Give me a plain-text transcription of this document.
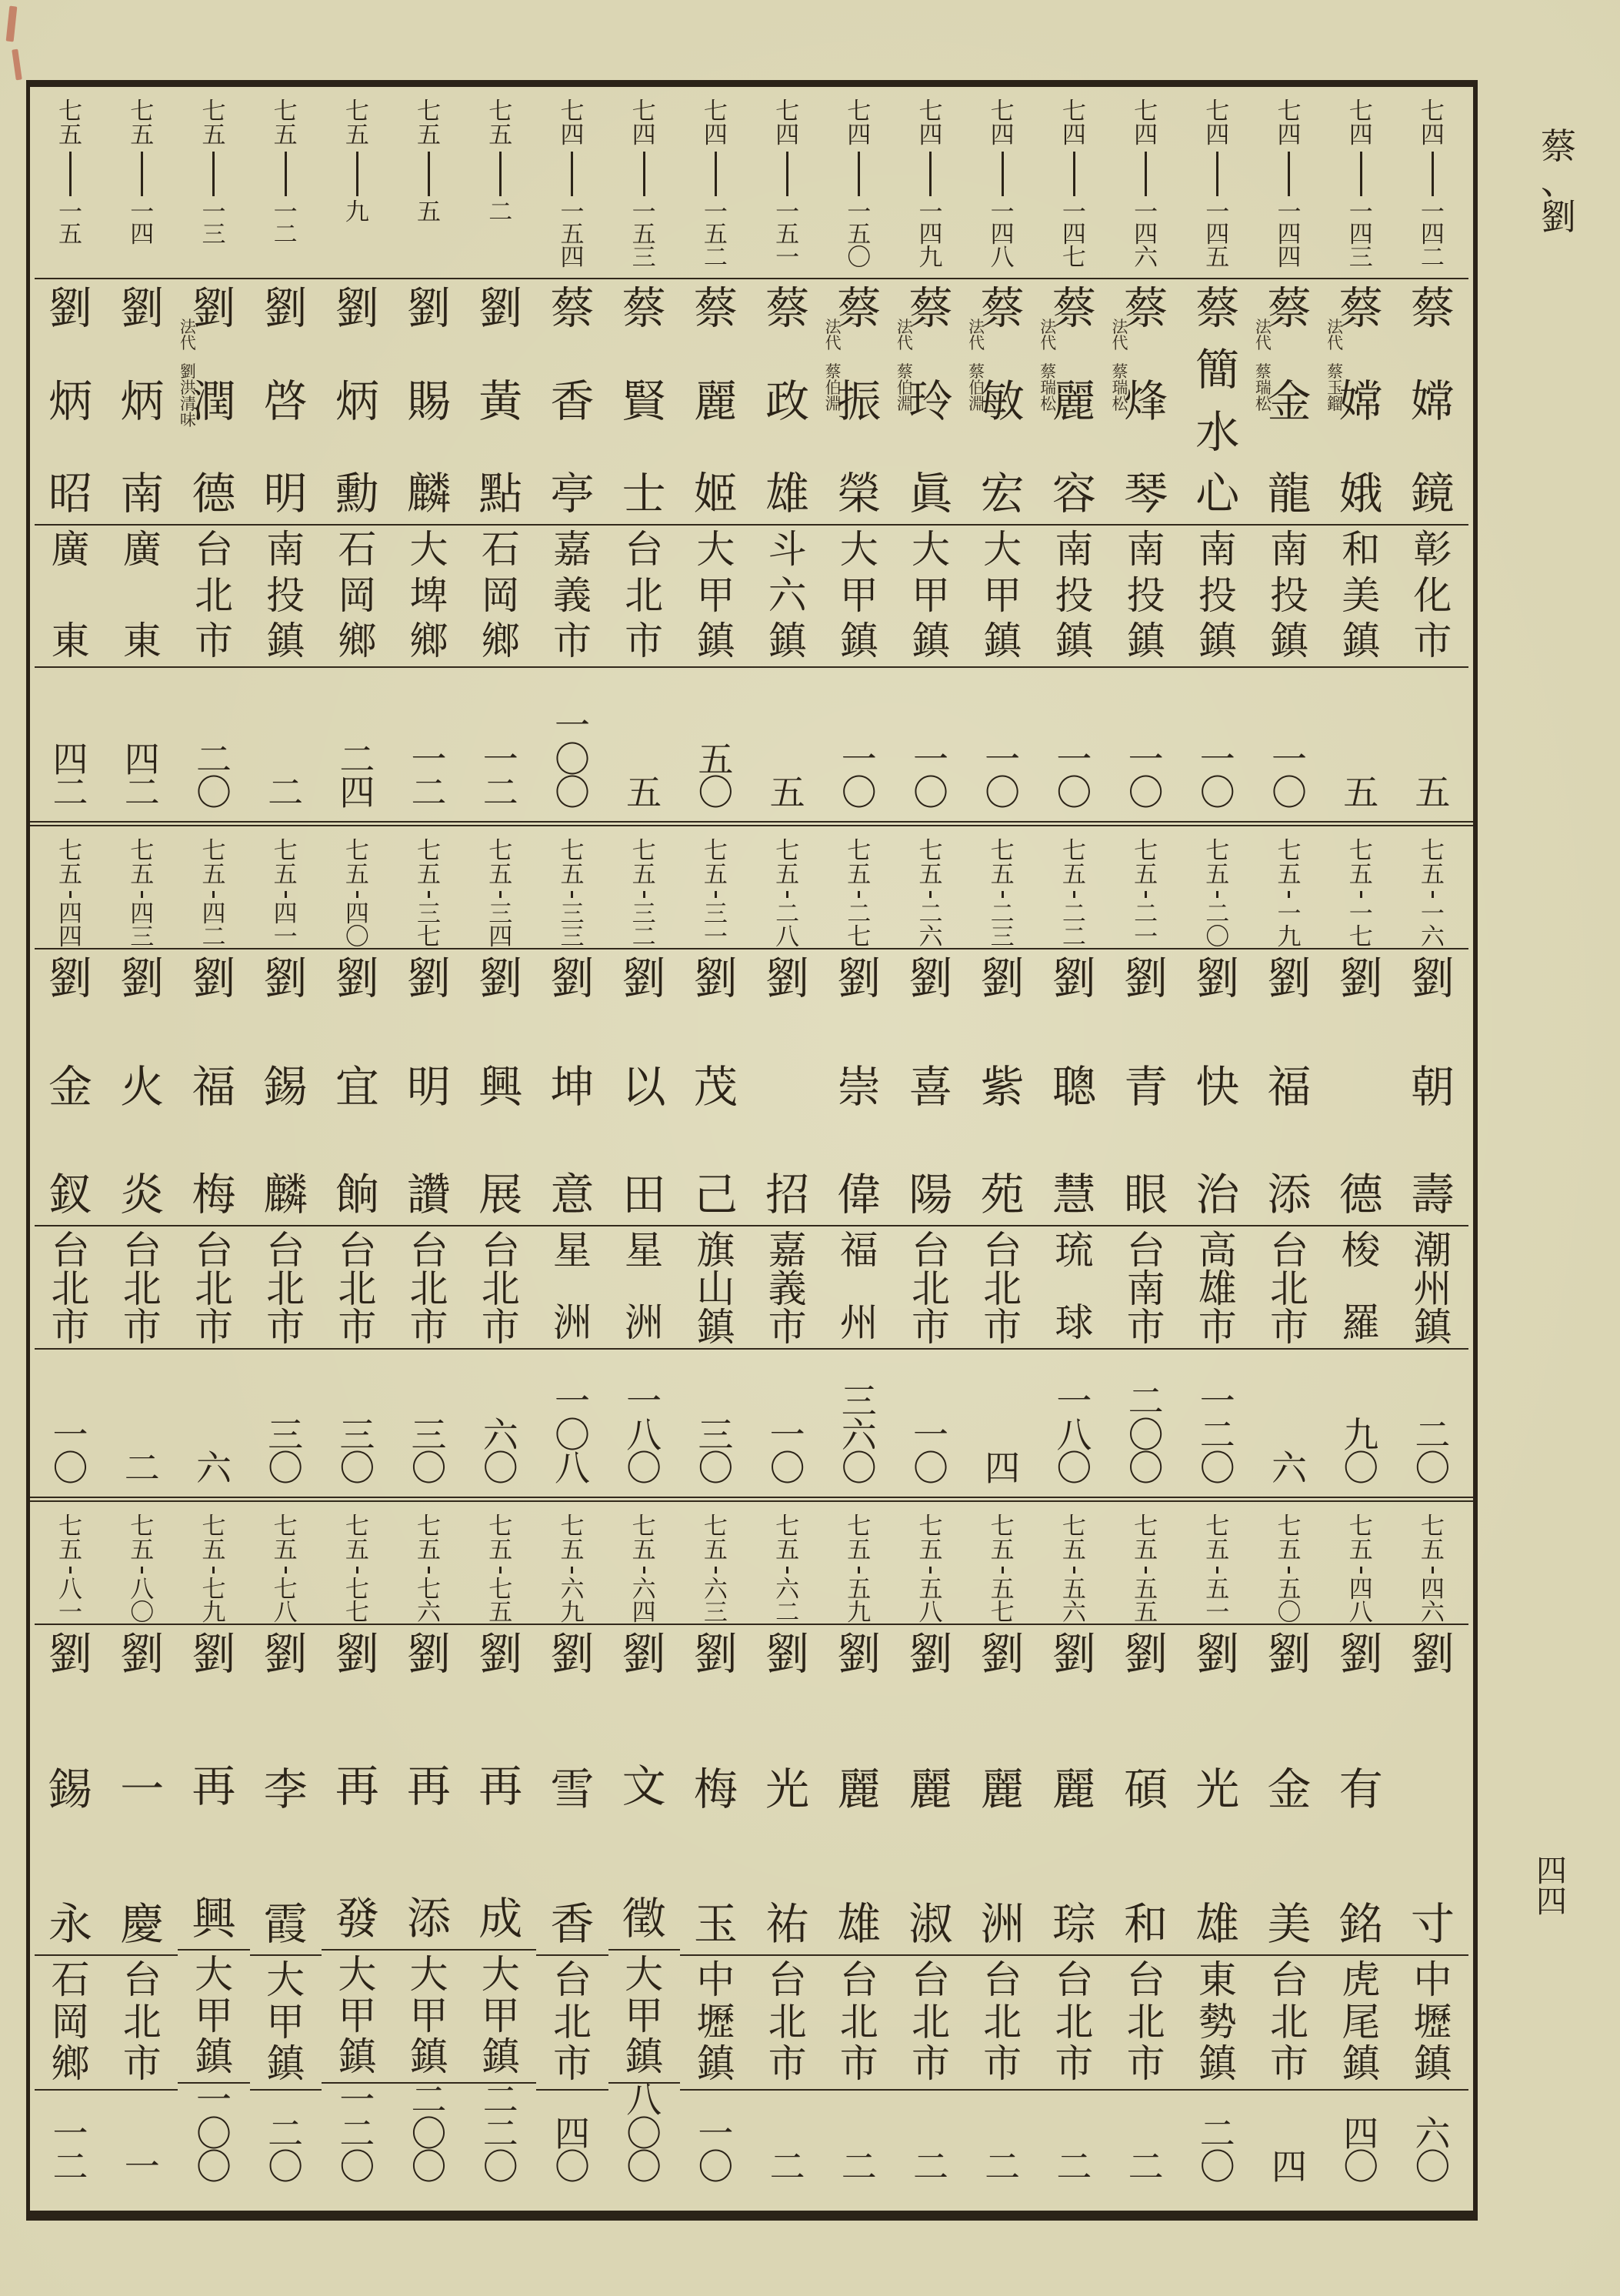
蔡
、
劉
七
四
一
四
二
蔡
嫦
鏡
彰
化
市
五
七
四
一
四
三
法
代
蔡
玉
鎦
蔡
嫦
娥
和
美
鎮
五
七
四
一
四
四
法
代
蔡
瑞
松
蔡
金
龍
南
投
鎮
一
〇
七
四
一
四
五
蔡
簡
水
心
南
投
鎮
一
〇
七
四
一
四
六
法
代
蔡
瑞
松
蔡
烽
琴
南
投
鎮
一
〇
七
四
一
四
七
法
代
蔡
瑞
松
蔡
麗
容
南
投
鎮
一
〇
七
四
一
四
八
法
代
蔡
伯
淵
蔡
敏
宏
大
甲
鎮
一
〇
七
四
一
四
九
法
代
蔡
伯
淵
蔡
玲
眞
大
甲
鎮
一
〇
七
四
一
五
〇
法
代
蔡
伯
淵
蔡
振
榮
大
甲
鎮
一
〇
七
四
一
五
一
蔡
政
雄
斗
六
鎮
五
七
四
一
五
二
蔡
麗
姬
大
甲
鎮
五
〇
七
四
一
五
三
蔡
賢
士
台
北
市
五
七
四
一
五
四
蔡
香
亭
嘉
義
市
一
〇
〇
七
五
二
劉
黃
點
石
岡
鄉
一
二
七
五
五
劉
賜
麟
大
埤
鄉
一
二
七
五
九
劉
炳
勳
石
岡
鄉
二
四
七
五
一
二
劉
啓
明
南
投
鎮
二
七
五
一
三
法
代
劉
洪
清
味
劉
潤
德
台
北
市
二
〇
七
五
一
四
劉
炳
南
廣
東
四
二
七
五
一
五
劉
炳
昭
廣
東
四
二
七
五
一
六
劉
朝
壽
潮
州
鎮
二
〇
七
五
一
七
劉
德
梭
羅
九
〇
七
五
一
九
劉
福
添
台
北
市
六
七
五
二
〇
劉
快
治
高
雄
市
一
二
〇
七
五
二
一
劉
青
眼
台
南
市
二
〇
〇
七
五
二
二
劉
聰
慧
琉
球
一
八
〇
七
五
二
三
劉
紫
苑
台
北
市
四
七
五
二
六
劉
喜
陽
台
北
市
一
〇
七
五
二
七
劉
崇
偉
福
州
三
六
〇
七
五
二
八
劉
招
嘉
義
市
一
〇
七
五
三
一
劉
茂
己
旗
山
鎮
三
〇
七
五
三
二
劉
以
田
星
洲
一
八
〇
七
五
三
三
劉
坤
意
星
洲
一
〇
八
七
五
三
四
劉
興
展
台
北
市
六
〇
七
五
三
七
劉
明
讚
台
北
市
三
〇
七
五
四
〇
劉
宜
餉
台
北
市
三
〇
七
五
四
一
劉
錫
麟
台
北
市
三
〇
七
五
四
二
劉
福
梅
台
北
市
六
七
五
四
三
劉
火
炎
台
北
市
二
七
五
四
四
劉
金
釵
台
北
市
一
〇
七
五
四
六
劉
寸
中
壢
鎮
六
〇
七
五
四
八
劉
有
銘
虎
尾
鎮
四
〇
七
五
五
〇
劉
金
美
台
北
市
四
七
五
五
一
劉
光
雄
東
勢
鎮
二
〇
七
五
五
五
劉
碩
和
台
北
市
二
七
五
五
六
劉
麗
琮
台
北
市
二
七
五
五
七
劉
麗
洲
台
北
市
二
七
五
五
八
劉
麗
淑
台
北
市
二
七
五
五
九
劉
麗
雄
台
北
市
二
七
五
六
二
劉
光
祐
台
北
市
二
七
五
六
三
劉
梅
玉
中
壢
鎮
一
〇
七
五
六
四
劉
文
徵
大
甲
鎮
八
〇
〇
七
五
六
九
劉
雪
香
台
北
市
四
〇
七
五
七
五
劉
再
成
大
甲
鎮
二
二
〇
七
五
七
六
劉
再
添
大
甲
鎮
二
〇
〇
七
五
七
七
劉
再
發
大
甲
鎮
一
二
〇
七
五
七
八
劉
李
霞
大
甲
鎮
二
〇
七
五
七
九
劉
再
興
大
甲
鎮
一
〇
〇
七
五
八
〇
劉
一
慶
台
北
市
一
七
五
八
一
劉
錫
永
石
岡
鄉
一
二
四
四
